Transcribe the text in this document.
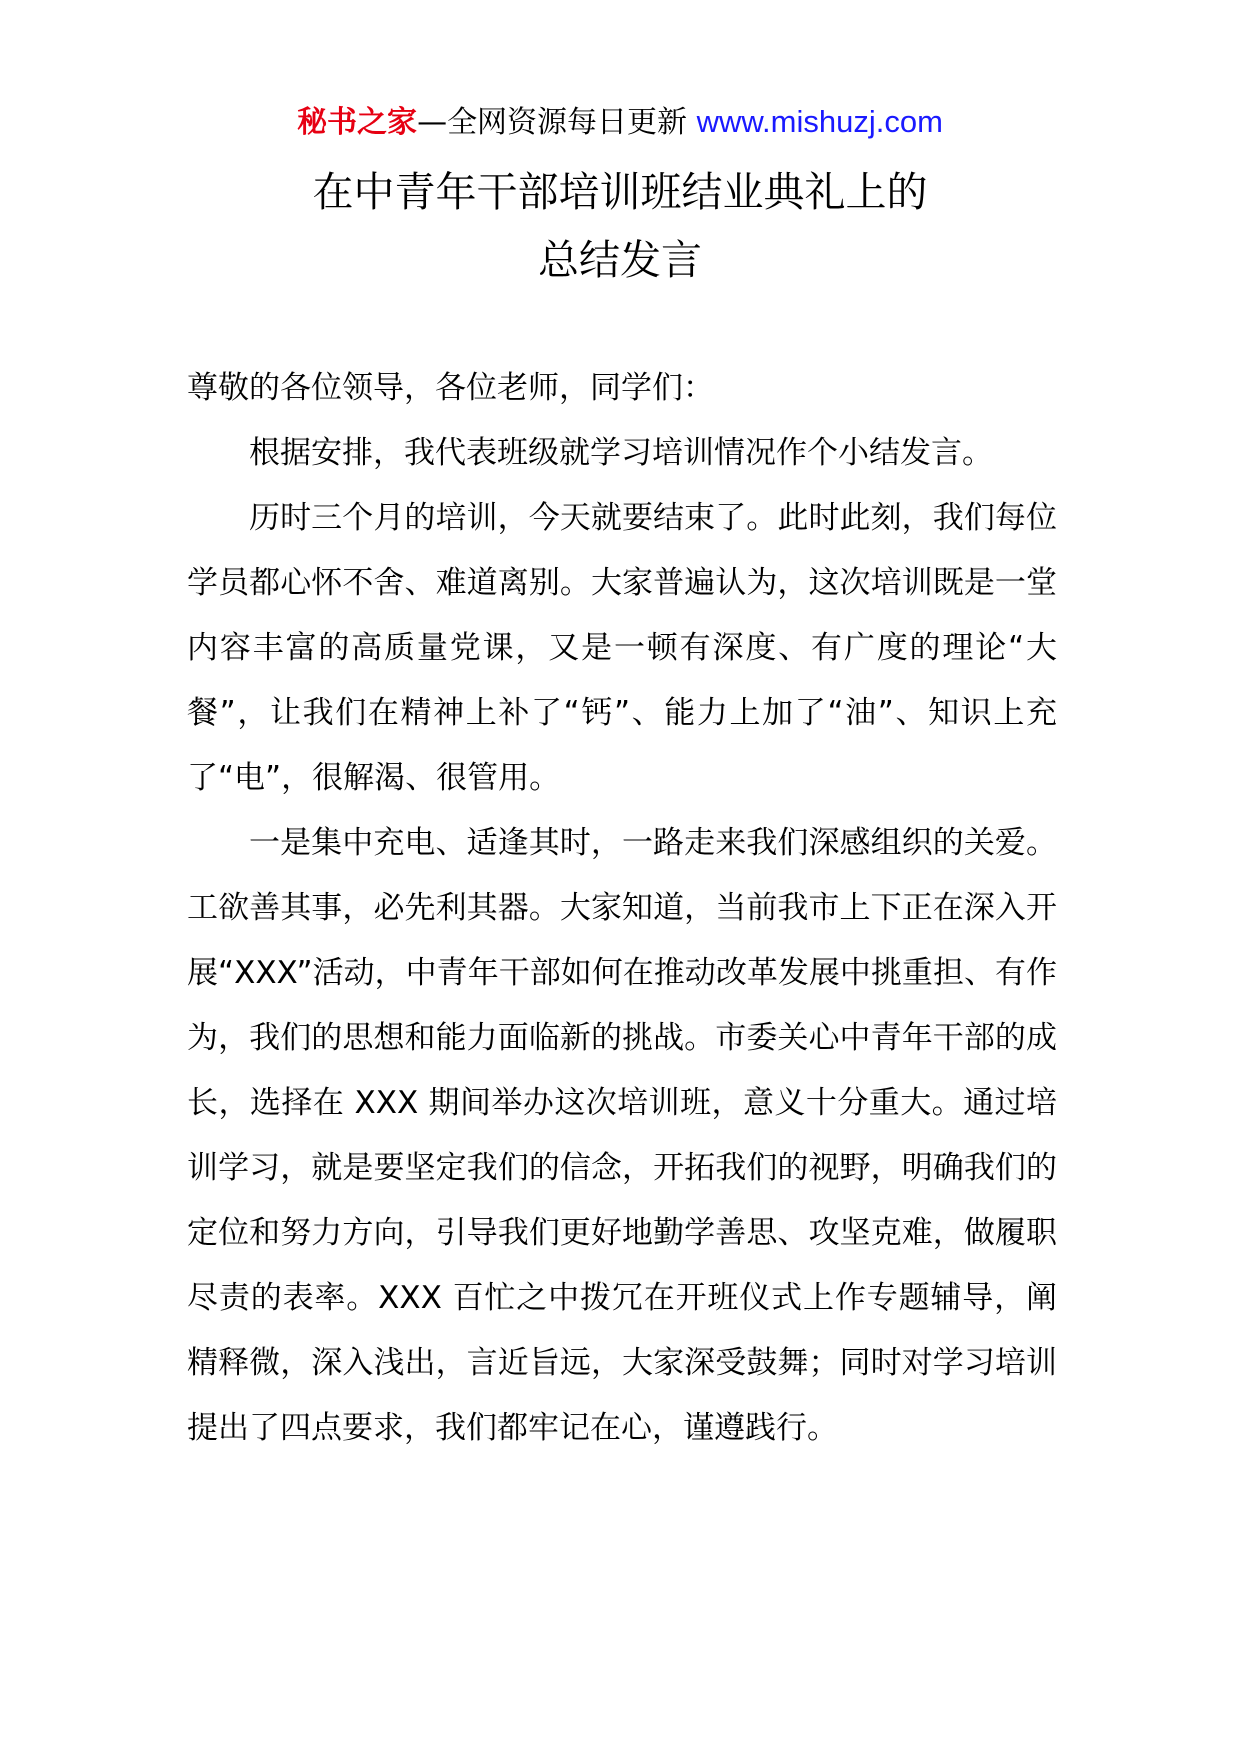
秘书之家—全网资源每日更新 www.mishuzj.com
在中青年干部培训班结业典礼上的
总结发言

尊敬的各位领导，各位老师，同学们：

根据安排，我代表班级就学习培训情况作个小结发言。

历时三个月的培训，今天就要结束了。此时此刻，我们每位学员都心怀不舍、难道离别。大家普遍认为，这次培训既是一堂内容丰富的高质量党课，又是一顿有深度、有广度的理论“大餐”，让我们在精神上补了“钙”、能力上加了“油”、知识上充了“电”，很解渴、很管用。

一是集中充电、适逢其时，一路走来我们深感组织的关爱。工欲善其事，必先利其器。大家知道，当前我市上下正在深入开展“XXX”活动，中青年干部如何在推动改革发展中挑重担、有作为，我们的思想和能力面临新的挑战。市委关心中青年干部的成长，选择在 XXX 期间举办这次培训班，意义十分重大。通过培训学习，就是要坚定我们的信念，开拓我们的视野，明确我们的定位和努力方向，引导我们更好地勤学善思、攻坚克难，做履职尽责的表率。XXX 百忙之中拨冗在开班仪式上作专题辅导，阐精释微，深入浅出，言近旨远，大家深受鼓舞；同时对学习培训提出了四点要求，我们都牢记在心，谨遵践行。
